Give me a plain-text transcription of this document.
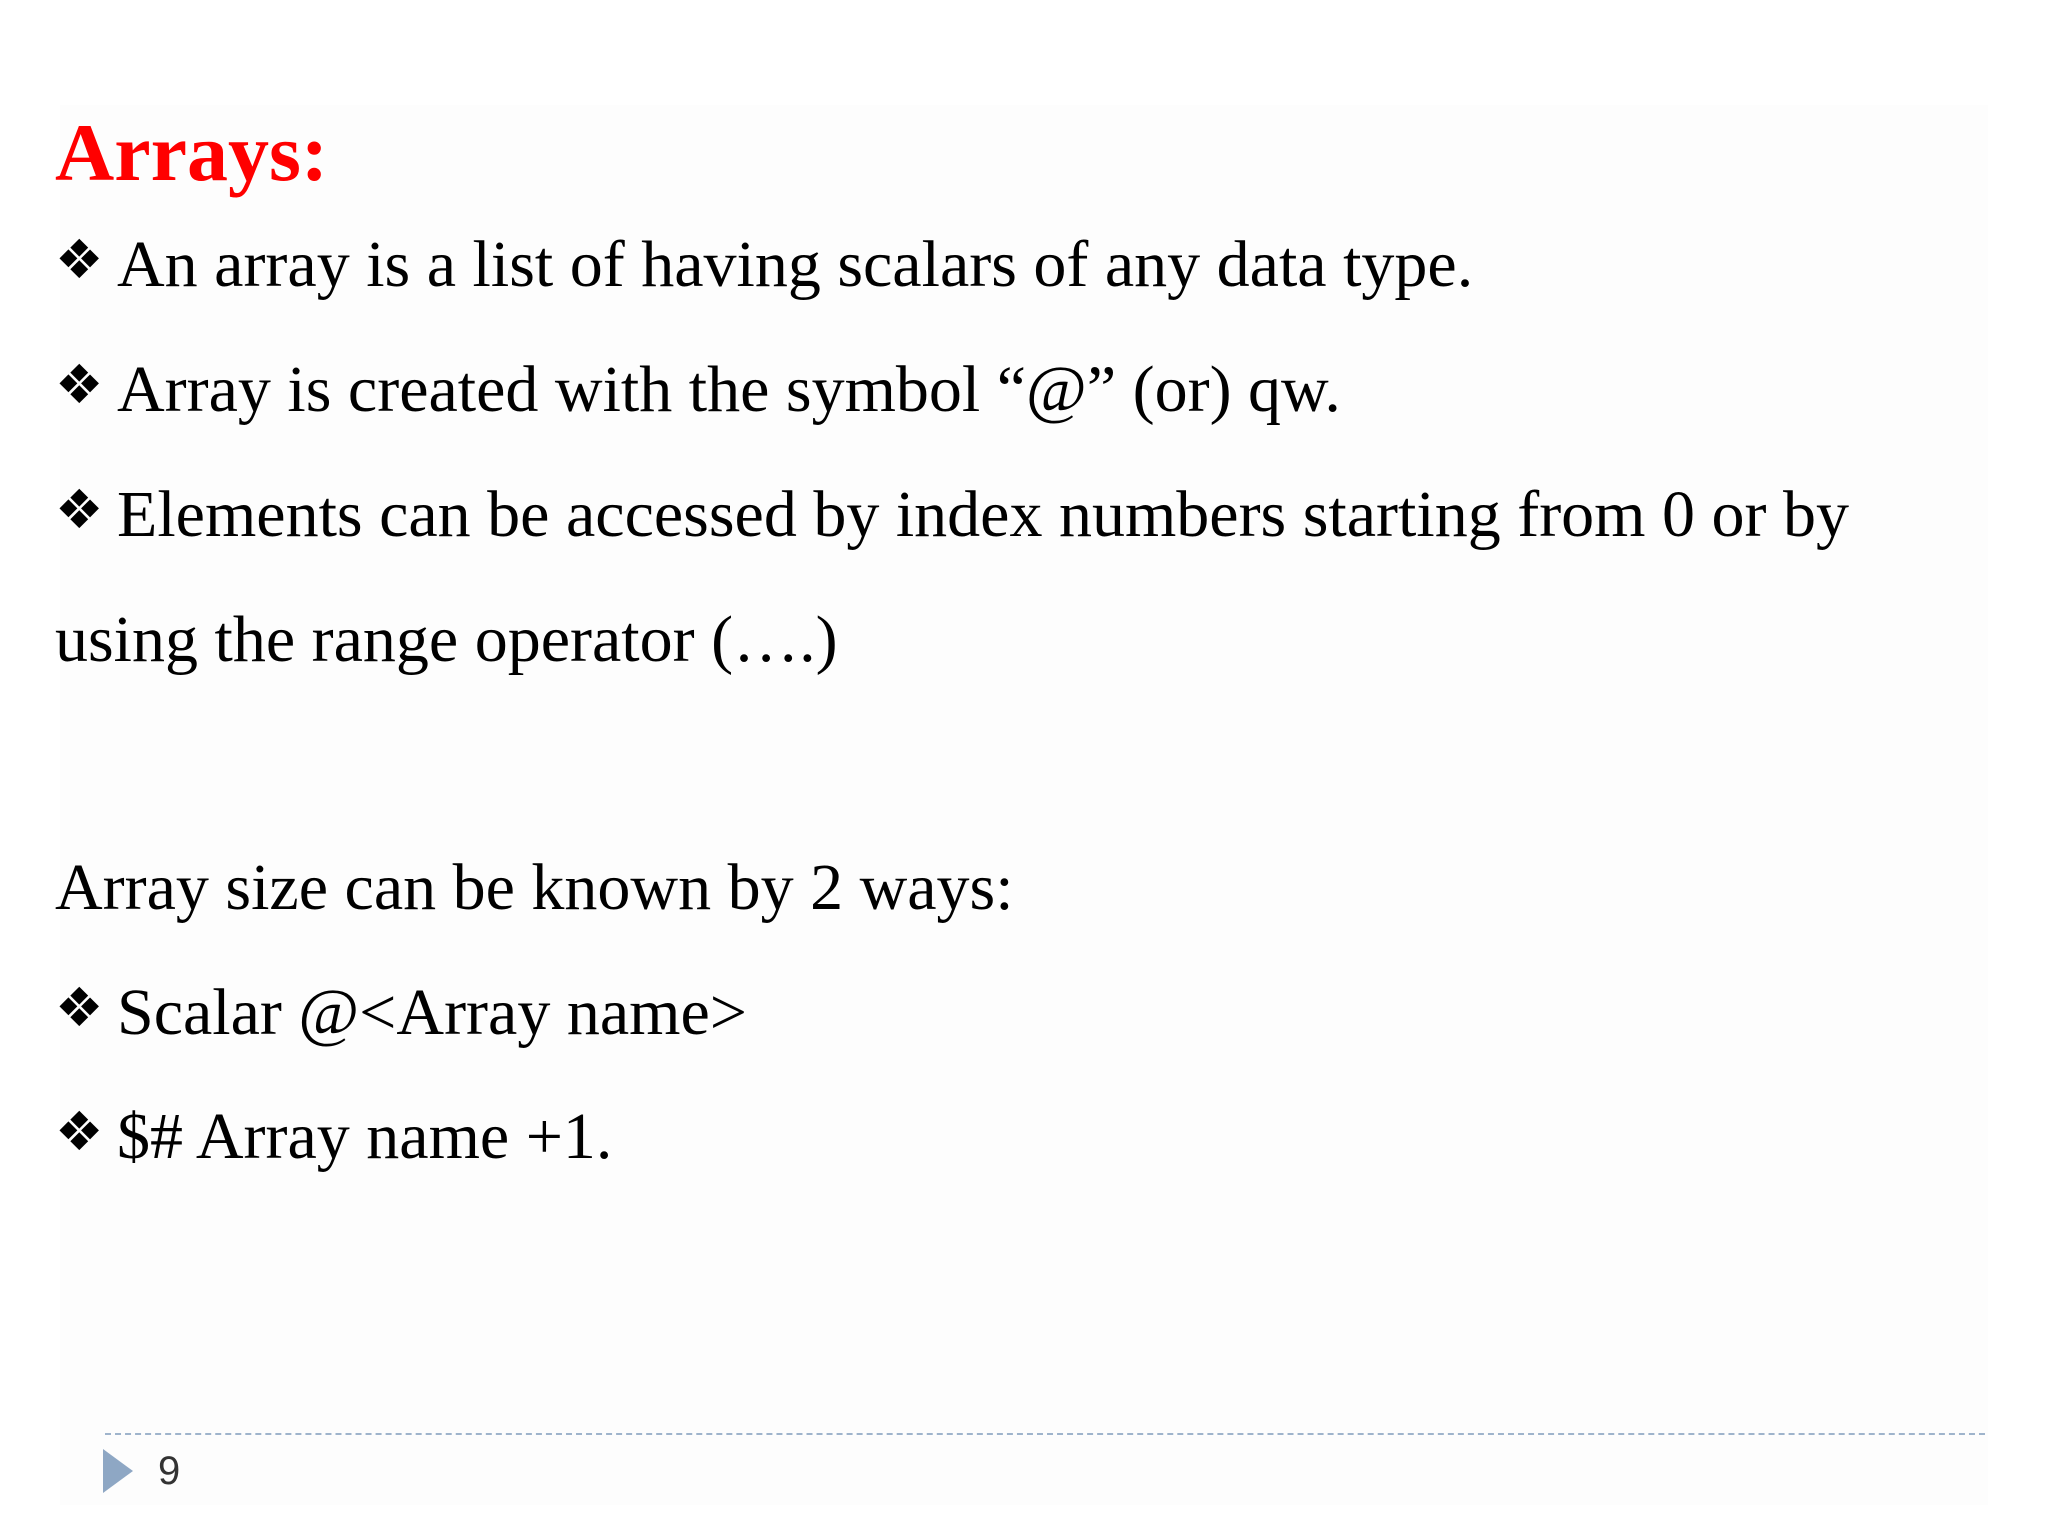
Arrays:
❖ An array is a list of having scalars of any data type.
❖ Array is created with the symbol “@” (or) qw.
❖ Elements can be accessed by index numbers starting from 0 or by
using the range operator (….)
Array size can be known by 2 ways:
❖ Scalar @<Array name>
❖ $# Array name +1.
9
